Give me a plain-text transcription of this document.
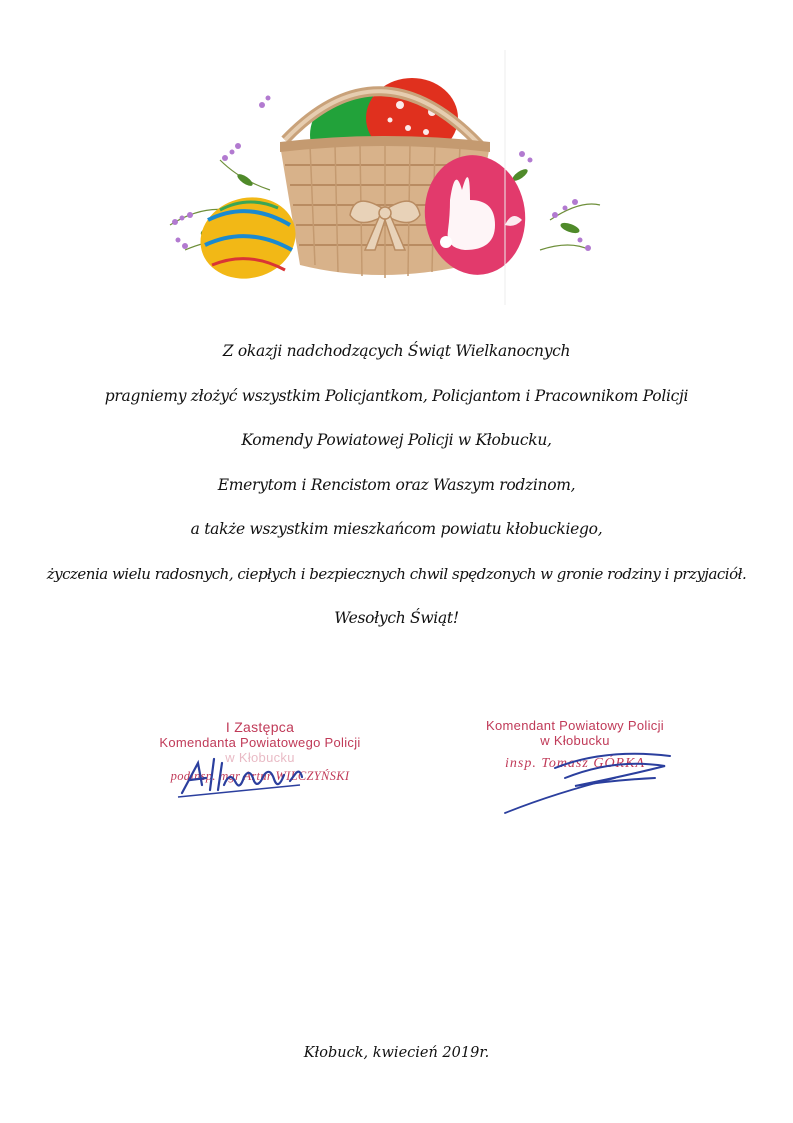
Z okazji nadchodzących Świąt Wielkanocnych

pragniemy złożyć wszystkim Policjantkom, Policjantom i Pracownikom Policji

Komendy Powiatowej Policji w Kłobucku,

Emerytom i Rencistom oraz Waszym rodzinom,

a także wszystkim mieszkańcom powiatu kłobuckiego,

życzenia wielu radosnych, ciepłych i bezpiecznych chwil spędzonych w gronie rodziny i przyjaciół.

Wesołych Świąt!

I Zastępca
Komendanta Powiatowego Policji
w Kłobucku
podinsp. mgr Artur WILCZYŃSKI
Komendant Powiatowy Policji
w Kłobucku
insp. Tomasz GÓRKA
Kłobuck, kwiecień 2019r.
